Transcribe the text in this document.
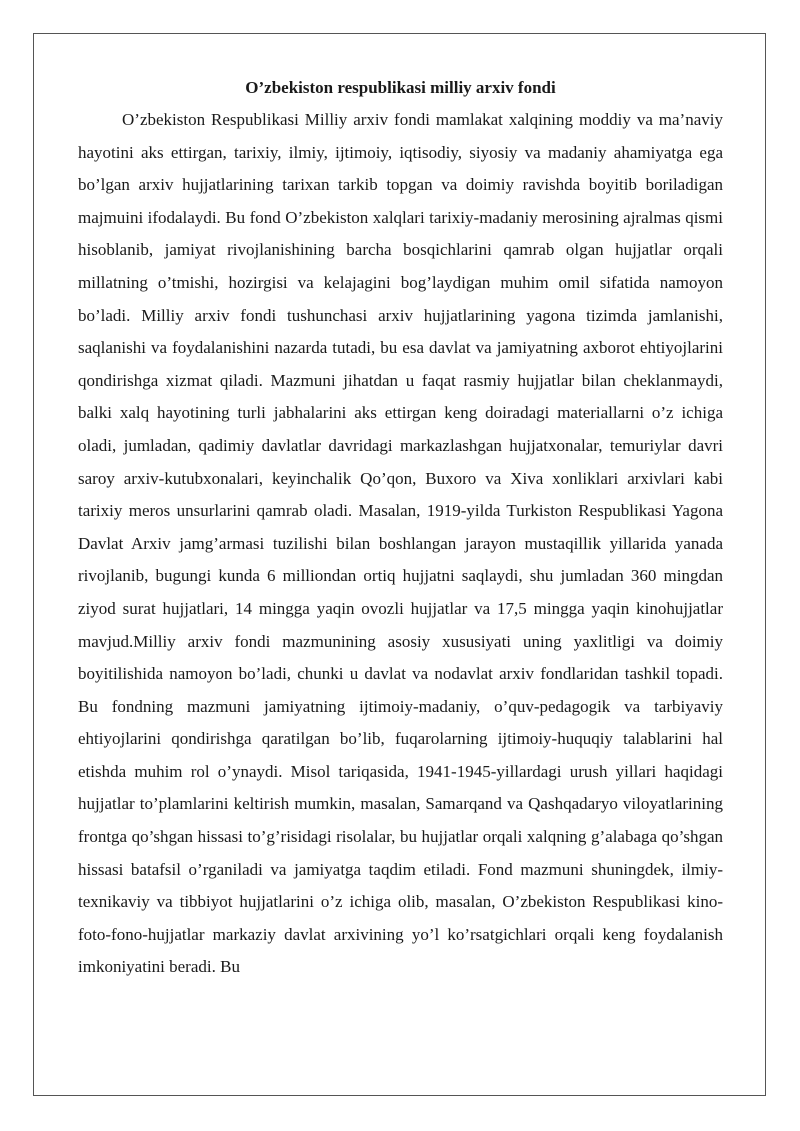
O’zbekiston respublikasi milliy arxiv fondi

O’zbekiston Respublikasi Milliy arxiv fondi mamlakat xalqining moddiy va ma’naviy hayotini aks ettirgan, tarixiy, ilmiy, ijtimoiy, iqtisodiy, siyosiy va madaniy ahamiyatga ega bo’lgan arxiv hujjatlarining tarixan tarkib topgan va doimiy ravishda boyitib boriladigan majmuini ifodalaydi. Bu fond O’zbekiston xalqlari tarixiy-madaniy merosining ajralmas qismi hisoblanib, jamiyat rivojlanishining barcha bosqichlarini qamrab olgan hujjatlar orqali millatning o’tmishi, hozirgisi va kelajagini bog’laydigan muhim omil sifatida namoyon bo’ladi. Milliy arxiv fondi tushunchasi arxiv hujjatlarining yagona tizimda jamlanishi, saqlanishi va foydalanishini nazarda tutadi, bu esa davlat va jamiyatning axborot ehtiyojlarini qondirishga xizmat qiladi. Mazmuni jihatdan u faqat rasmiy hujjatlar bilan cheklanmaydi, balki xalq hayotining turli jabhalarini aks ettirgan keng doiradagi materiallarni o’z ichiga oladi, jumladan, qadimiy davlatlar davridagi markazlashgan hujjatxonalar, temuriylar davri saroy arxiv-kutubxonalari, keyinchalik Qo’qon, Buxoro va Xiva xonliklari arxivlari kabi tarixiy meros unsurlarini qamrab oladi. Masalan, 1919-yilda Turkiston Respublikasi Yagona Davlat Arxiv jamg’armasi tuzilishi bilan boshlangan jarayon mustaqillik yillarida yanada rivojlanib, bugungi kunda 6 milliondan ortiq hujjatni saqlaydi, shu jumladan 360 mingdan ziyod surat hujjatlari, 14 mingga yaqin ovozli hujjatlar va 17,5 mingga yaqin kinohujjatlar mavjud.Milliy arxiv fondi mazmunining asosiy xususiyati uning yaxlitligi va doimiy boyitilishida namoyon bo’ladi, chunki u davlat va nodavlat arxiv fondlaridan tashkil topadi. Bu fondning mazmuni jamiyatning ijtimoiy-madaniy, o’quv-pedagogik va tarbiyaviy ehtiyojlarini qondirishga qaratilgan bo’lib, fuqarolarning ijtimoiy-huquqiy talablarini hal etishda muhim rol o’ynaydi. Misol tariqasida, 1941-1945-yillardagi urush yillari haqidagi hujjatlar to’plamlarini keltirish mumkin, masalan, Samarqand va Qashqadaryo viloyatlarining frontga qo’shgan hissasi to’g’risidagi risolalar, bu hujjatlar orqali xalqning g’alabaga qo’shgan hissasi batafsil o’rganiladi va jamiyatga taqdim etiladi. Fond mazmuni shuningdek, ilmiy-texnikaviy va tibbiyot hujjatlarini o’z ichiga olib, masalan, O’zbekiston Respublikasi kino-foto-fono-hujjatlar markaziy davlat arxivining yo’l ko’rsatgichlari orqali keng foydalanish imkoniyatini beradi. Bu
